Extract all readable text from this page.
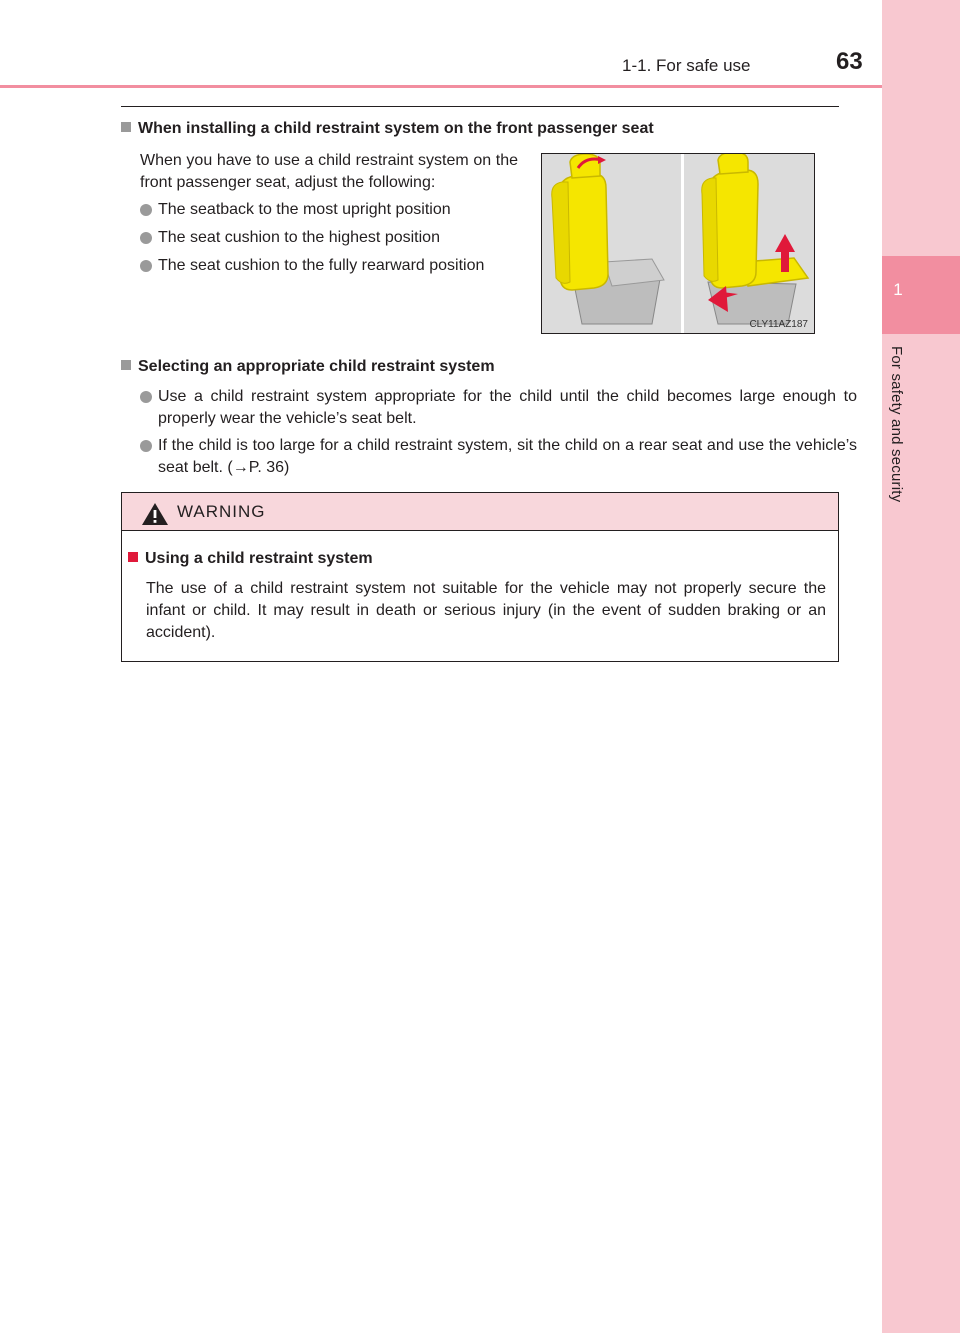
1
For safety and security
1-1. For safe use	63
When installing a child restraint system on the front passenger seat
When you have to use a child restraint system on the front passenger seat, adjust the following:
The seatback to the most upright position
The seat cushion to the highest position
The seat cushion to the fully rearward position
CLY11AZ187
Selecting an appropriate child restraint system
Use a child restraint system appropriate for the child until the child becomes large enough to properly wear the vehicle’s seat belt.
If the child is too large for a child restraint system, sit the child on a rear seat and use the vehicle’s seat belt. (→P. 36)
WARNING
Using a child restraint system
The use of a child restraint system not suitable for the vehicle may not properly secure the infant or child. It may result in death or serious injury (in the event of sudden braking or an accident).
